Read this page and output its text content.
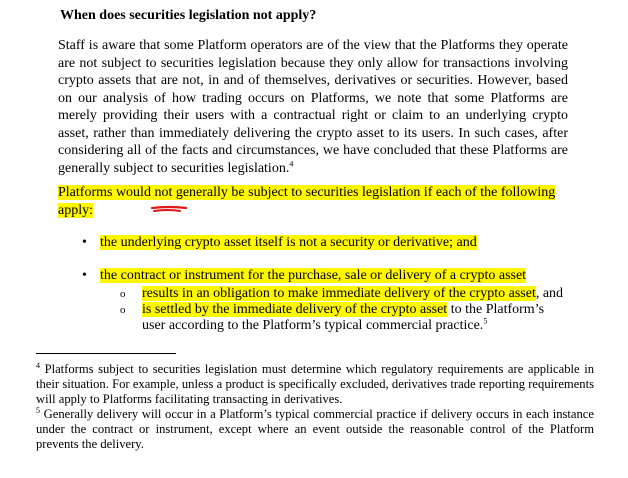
When does securities legislation not apply?
Staff is aware that some Platform operators are of the view that the Platforms they operate are not subject to securities legislation because they only allow for transactions involving crypto assets that are not, in and of themselves, derivatives or securities. However, based on our analysis of how trading occurs on Platforms, we note that some Platforms are merely providing their users with a contractual right or claim to an underlying crypto asset, rather than immediately delivering the crypto asset to its users. In such cases, after considering all of the facts and circumstances, we have concluded that these Platforms are generally subject to securities legislation.$^4$
Platforms would not generally be subject to securities legislation if each of the following apply:
• the underlying crypto asset itself is not a security or derivative; and
• the contract or instrument for the purchase, sale or delivery of a crypto asset
o results in an obligation to make immediate delivery of the crypto asset, and
o is settled by the immediate delivery of the crypto asset to the Platform’s
user according to the Platform’s typical commercial practice.$^5$
$^4$ Platforms subject to securities legislation must determine which regulatory requirements are applicable in their situation. For example, unless a product is specifically excluded, derivatives trade reporting requirements will apply to Platforms facilitating transacting in derivatives.
$^5$ Generally delivery will occur in a Platform’s typical commercial practice if delivery occurs in each instance under the contract or instrument, except where an event outside the reasonable control of the Platform prevents the delivery.
